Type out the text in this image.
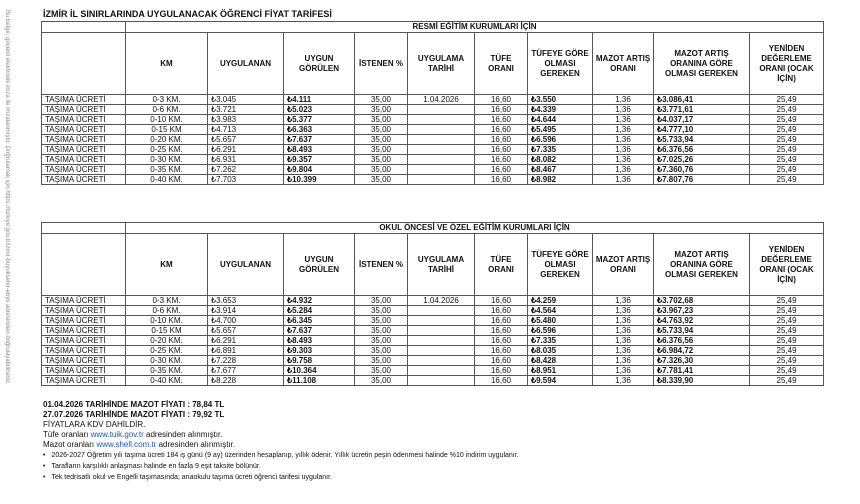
Bu belge, güvenli elektronik imza ile imzalanmıştır. Doğrulamak için https://turkiye.gov.tr/izmir-buyuksehir-ebys adresinden doğrulayabilirsiniz.	İZMİR İL SINIRLARINDA UYGULANACAK ÖĞRENCİ FİYAT TARİFESİ
	RESMİ EĞİTİM KURUMLARI İÇİN									
	KM	UYGULANAN	UYGUN GÖRÜLEN	İSTENEN %	UYGULAMA TARİHİ	TÜFE ORANI	TÜFEYE GÖRE OLMASI GEREKEN	MAZOT ARTIŞ ORANI	MAZOT ARTIŞ ORANINA GÖRE OLMASI GEREKEN	YENİDEN DEĞERLEME ORANI (OCAK İÇİN)
TAŞIMA ÜCRETİ	0-3 KM.	₺3.045	₺4.111	35,00	1.04.2026	16,60	₺3.550	1,36	₺3.086,41	25,49
TAŞIMA ÜCRETİ	0-6 KM.	₺3.721	₺5.023	35,00		16,60	₺4.339	1,36	₺3.771,61	25,49
TAŞIMA ÜCRETİ	0-10 KM.	₺3.983	₺5.377	35,00		16,60	₺4.644	1,36	₺4.037,17	25,49
TAŞIMA ÜCRETİ	0-15 KM	₺4.713	₺6.363	35,00		16,60	₺5.495	1,36	₺4.777,10	25,49
TAŞIMA ÜCRETİ	0-20 KM.	₺5.657	₺7.637	35,00		16,60	₺6.596	1,36	₺5.733,94	25,49
TAŞIMA ÜCRETİ	0-25 KM.	₺6.291	₺8.493	35,00		16,60	₺7.335	1,36	₺6.376,56	25,49
TAŞIMA ÜCRETİ	0-30 KM.	₺6.931	₺9.357	35,00		16,60	₺8.082	1,36	₺7.025,26	25,49
TAŞIMA ÜCRETİ	0-35 KM.	₺7.262	₺9.804	35,00		16,60	₺8.467	1,36	₺7.360,76	25,49
TAŞIMA ÜCRETİ	0-40 KM.	₺7.703	₺10.399	35,00		16,60	₺8.982	1,36	₺7.807,76	25,49
	OKUL ÖNCESİ VE ÖZEL EĞİTİM KURUMLARI İÇİN									
	KM	UYGULANAN	UYGUN GÖRÜLEN	İSTENEN %	UYGULAMA TARİHİ	TÜFE ORANI	TÜFEYE GÖRE OLMASI GEREKEN	MAZOT ARTIŞ ORANI	MAZOT ARTIŞ ORANINA GÖRE OLMASI GEREKEN	YENİDEN DEĞERLEME ORANI (OCAK İÇİN)
TAŞIMA ÜCRETİ	0-3 KM.	₺3.653	₺4.932	35,00	1.04.2026	16,60	₺4.259	1,36	₺3.702,68	25,49
TAŞIMA ÜCRETİ	0-6 KM.	₺3.914	₺5.284	35,00		16,60	₺4.564	1,36	₺3.967,23	25,49
TAŞIMA ÜCRETİ	0-10 KM.	₺4.700	₺6.345	35,00		16,60	₺5.480	1,36	₺4.763,92	25,49
TAŞIMA ÜCRETİ	0-15 KM	₺5.657	₺7.637	35,00		16,60	₺6.596	1,36	₺5.733,94	25,49
TAŞIMA ÜCRETİ	0-20 KM.	₺6.291	₺8.493	35,00		16,60	₺7.335	1,36	₺6.376,56	25,49
TAŞIMA ÜCRETİ	0-25 KM.	₺6.891	₺9.303	35,00		16,60	₺8.035	1,36	₺6.984,72	25,49
TAŞIMA ÜCRETİ	0-30 KM.	₺7.228	₺9.758	35,00		16,60	₺8.428	1,36	₺7.326,30	25,49
TAŞIMA ÜCRETİ	0-35 KM.	₺7.677	₺10.364	35,00		16,60	₺8.951	1,36	₺7.781,41	25,49
TAŞIMA ÜCRETİ	0-40 KM.	₺8.228	₺11.108	35,00		16,60	₺9.594	1,36	₺8.339,90	25,49
01.04.2026 TARİHİNDE MAZOT FİYATI : 78,84 TL
27.07.2026 TARİHİNDE MAZOT FİYATI : 79,92 TL
FİYATLARA KDV DAHİLDİR.
Tüfe oranları www.tuik.gov.tr adresinden alınmıştır.
Mazot oranları www.shell.com.tr adresinden alınmıştır.
• 2026-2027 Öğretim yılı taşıma ücreti 184 iş günü (9 ay) üzerinden hesaplanıp, yıllık ödenir. Yıllık ücretin peşin ödenmesi halinde %10 indirim uygulanır.
• Tarafların karşılıklı anlaşması halinde en fazla 9 eşit taksite bölünür.
• Tek tedrisatlı okul ve Engelli taşımasında; anaokulu taşıma ücreti öğrenci tarifesi uygulanır.
